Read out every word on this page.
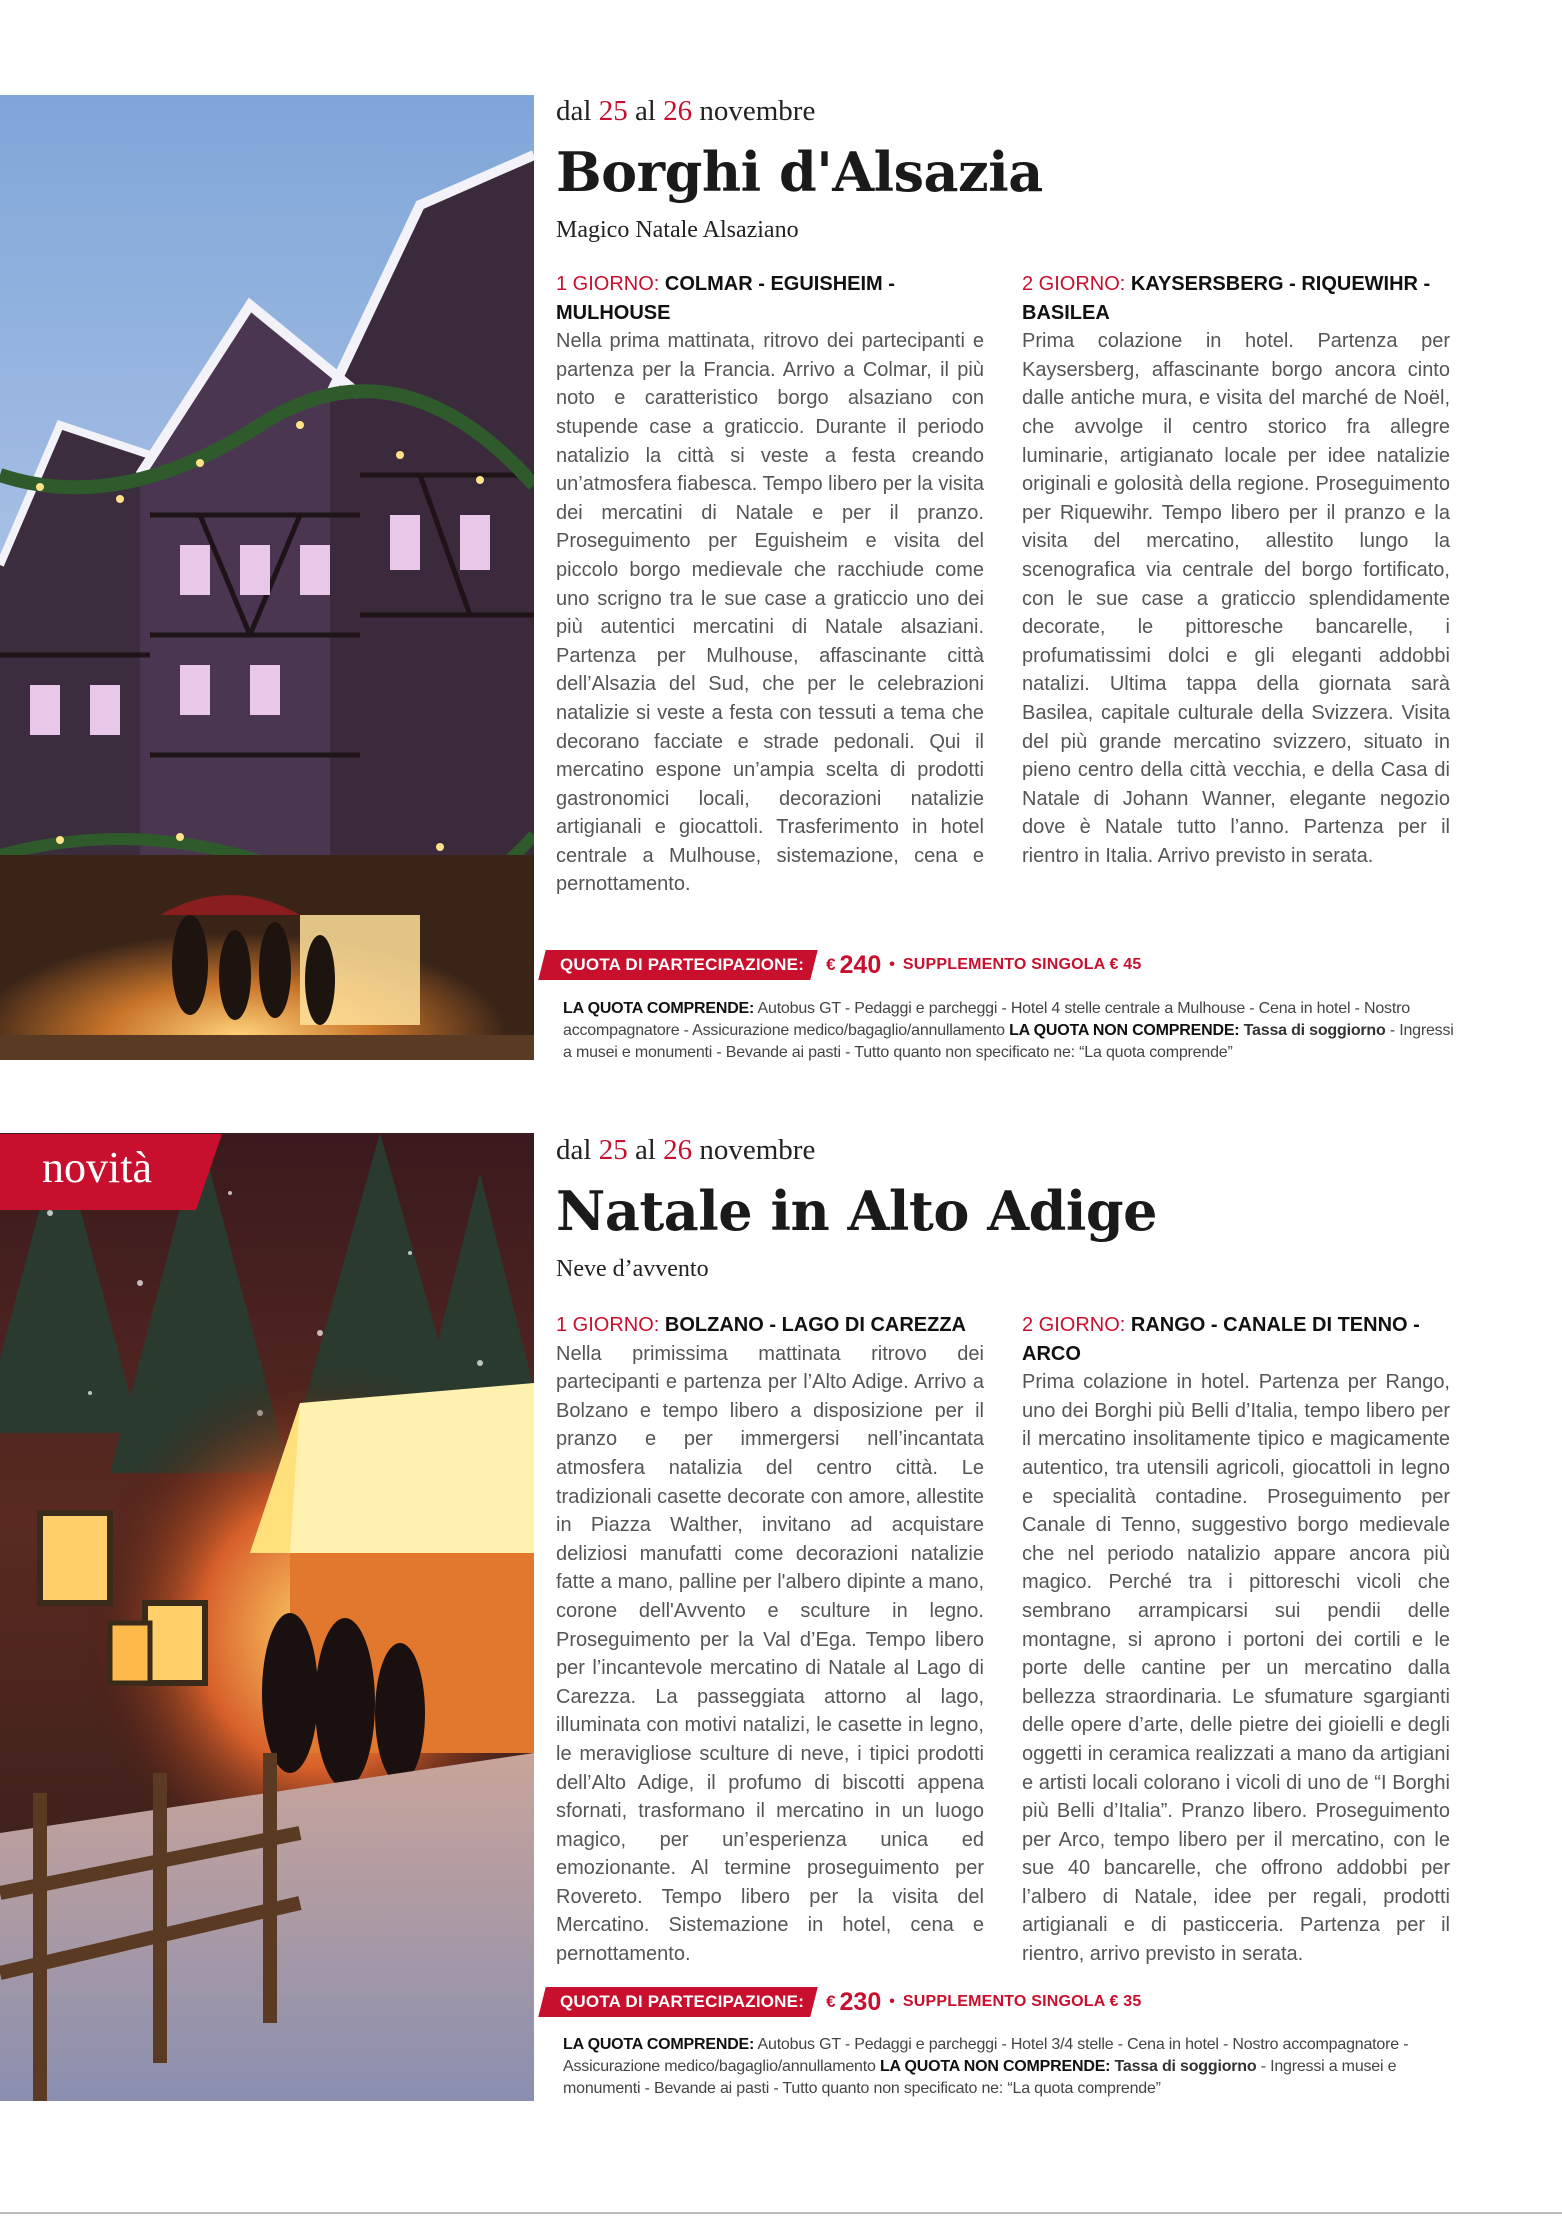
dal 25 al 26 novembre

Borghi d'Alsazia

Magico Natale Alsaziano

1 GIORNO: COLMAR - EGUISHEIM - MULHOUSE
Nella prima mattinata, ritrovo dei partecipanti e partenza per la Francia. Arrivo a Colmar, il più noto e caratteristico borgo alsaziano con stupende case a graticcio. Durante il periodo natalizio la città si veste a festa creando un’atmosfera fiabesca. Tempo libero per la visita dei mercatini di Natale e per il pranzo. Proseguimento per Eguisheim e visita del piccolo borgo medievale che racchiude come uno scrigno tra le sue case a graticcio uno dei più autentici mercatini di Natale alsaziani. Partenza per Mulhouse, affascinante città dell’Alsazia del Sud, che per le celebrazioni natalizie si veste a festa con tessuti a tema che decorano facciate e strade pedonali. Qui il mercatino espone un’ampia scelta di prodotti gastronomici locali, decorazioni natalizie artigianali e giocattoli. Trasferimento in hotel centrale a Mulhouse, sistemazione, cena e pernottamento.
2 GIORNO: KAYSERSBERG - RIQUEWIHR - BASILEA
Prima colazione in hotel. Partenza per Kaysersberg, affascinante borgo ancora cinto dalle antiche mura, e visita del marché de Noël, che avvolge il centro storico fra allegre luminarie, artigianato locale per idee natalizie originali e golosità della regione. Proseguimento per Riquewihr. Tempo libero per il pranzo e la visita del mercatino, allestito lungo la scenografica via centrale del borgo fortificato, con le sue case a graticcio splendidamente decorate, le pittoresche bancarelle, i profumatissimi dolci e gli eleganti addobbi natalizi. Ultima tappa della giornata sarà Basilea, capitale culturale della Svizzera. Visita del più grande mercatino svizzero, situato in pieno centro della città vecchia, e della Casa di Natale di Johann Wanner, elegante negozio dove è Natale tutto l’anno. Partenza per il rientro in Italia. Arrivo previsto in serata.
QUOTA DI PARTECIPAZIONE:	€ 240 • SUPPLEMENTO SINGOLA € 45
LA QUOTA COMPRENDE: Autobus GT - Pedaggi e parcheggi - Hotel 4 stelle centrale a Mulhouse - Cena in hotel - Nostro accompagnatore - Assicurazione medico/bagaglio/annullamento LA QUOTA NON COMPRENDE: Tassa di soggiorno - Ingressi a musei e monumenti - Bevande ai pasti - Tutto quanto non specificato ne: “La quota comprende”
novità	dal 25 al 26 novembre

Natale in Alto Adige

Neve d’avvento

1 GIORNO: BOLZANO - LAGO DI CAREZZA
Nella primissima mattinata ritrovo dei partecipanti e partenza per l’Alto Adige. Arrivo a Bolzano e tempo libero a disposizione per il pranzo e per immergersi nell’incantata atmosfera natalizia del centro città. Le tradizionali casette decorate con amore, allestite in Piazza Walther, invitano ad acquistare deliziosi manufatti come decorazioni natalizie fatte a mano, palline per l'albero dipinte a mano, corone dell'Avvento e sculture in legno. Proseguimento per la Val d’Ega. Tempo libero per l’incantevole mercatino di Natale al Lago di Carezza. La passeggiata attorno al lago, illuminata con motivi natalizi, le casette in legno, le meravigliose sculture di neve, i tipici prodotti dell’Alto Adige, il profumo di biscotti appena sfornati, trasformano il mercatino in un luogo magico, per un’esperienza unica ed emozionante. Al termine proseguimento per Rovereto. Tempo libero per la visita del Mercatino. Sistemazione in hotel, cena e pernottamento.
2 GIORNO: RANGO - CANALE DI TENNO - ARCO
Prima colazione in hotel. Partenza per Rango, uno dei Borghi più Belli d’Italia, tempo libero per il mercatino insolitamente tipico e magicamente autentico, tra utensili agricoli, giocattoli in legno e specialità contadine. Proseguimento per Canale di Tenno, suggestivo borgo medievale che nel periodo natalizio appare ancora più magico. Perché tra i pittoreschi vicoli che sembrano arrampicarsi sui pendii delle montagne, si aprono i portoni dei cortili e le porte delle cantine per un mercatino dalla bellezza straordinaria. Le sfumature sgargianti delle opere d’arte, delle pietre dei gioielli e degli oggetti in ceramica realizzati a mano da artigiani e artisti locali colorano i vicoli di uno de “I Borghi più Belli d’Italia”. Pranzo libero. Proseguimento per Arco, tempo libero per il mercatino, con le sue 40 bancarelle, che offrono addobbi per l’albero di Natale, idee per regali, prodotti artigianali e di pasticceria. Partenza per il rientro, arrivo previsto in serata.
QUOTA DI PARTECIPAZIONE:	€ 230 • SUPPLEMENTO SINGOLA € 35
LA QUOTA COMPRENDE: Autobus GT - Pedaggi e parcheggi - Hotel 3/4 stelle - Cena in hotel - Nostro accompagnatore - Assicurazione medico/bagaglio/annullamento LA QUOTA NON COMPRENDE: Tassa di soggiorno - Ingressi a musei e monumenti - Bevande ai pasti - Tutto quanto non specificato ne: “La quota comprende”
